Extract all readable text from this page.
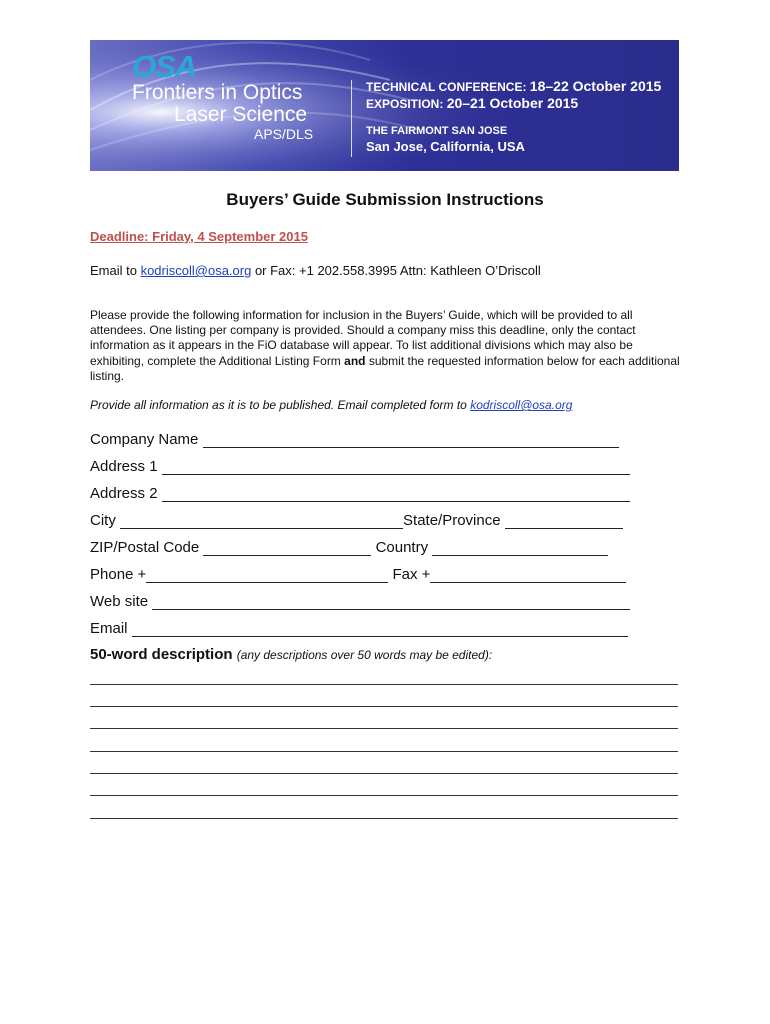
OSA
Frontiers in Optics
Laser Science
APS/DLS
TECHNICAL CONFERENCE: 18–22 October 2015
EXPOSITION: 20–21 October 2015
THE FAIRMONT SAN JOSE
San Jose, California, USA
Buyers’ Guide Submission Instructions
Deadline: Friday, 4 September 2015
Email to kodriscoll@osa.org or Fax: +1 202.558.3995 Attn: Kathleen O’Driscoll
Please provide the following information for inclusion in the Buyers’ Guide, which will be provided to all attendees. One listing per company is provided. Should a company miss this deadline, only the contact information as it appears in the FiO database will appear. To list additional divisions which may also be exhibiting, complete the Additional Listing Form and submit the requested information below for each additional listing.
Provide all information as it is to be published. Email completed form to kodriscoll@osa.org
Company Name

Address 1

Address 2

City
	State/Province

ZIP/Postal Code

	Country

Phone +
	Fax +
Web site

Email

50-word description (any descriptions over 50 words may be edited):
